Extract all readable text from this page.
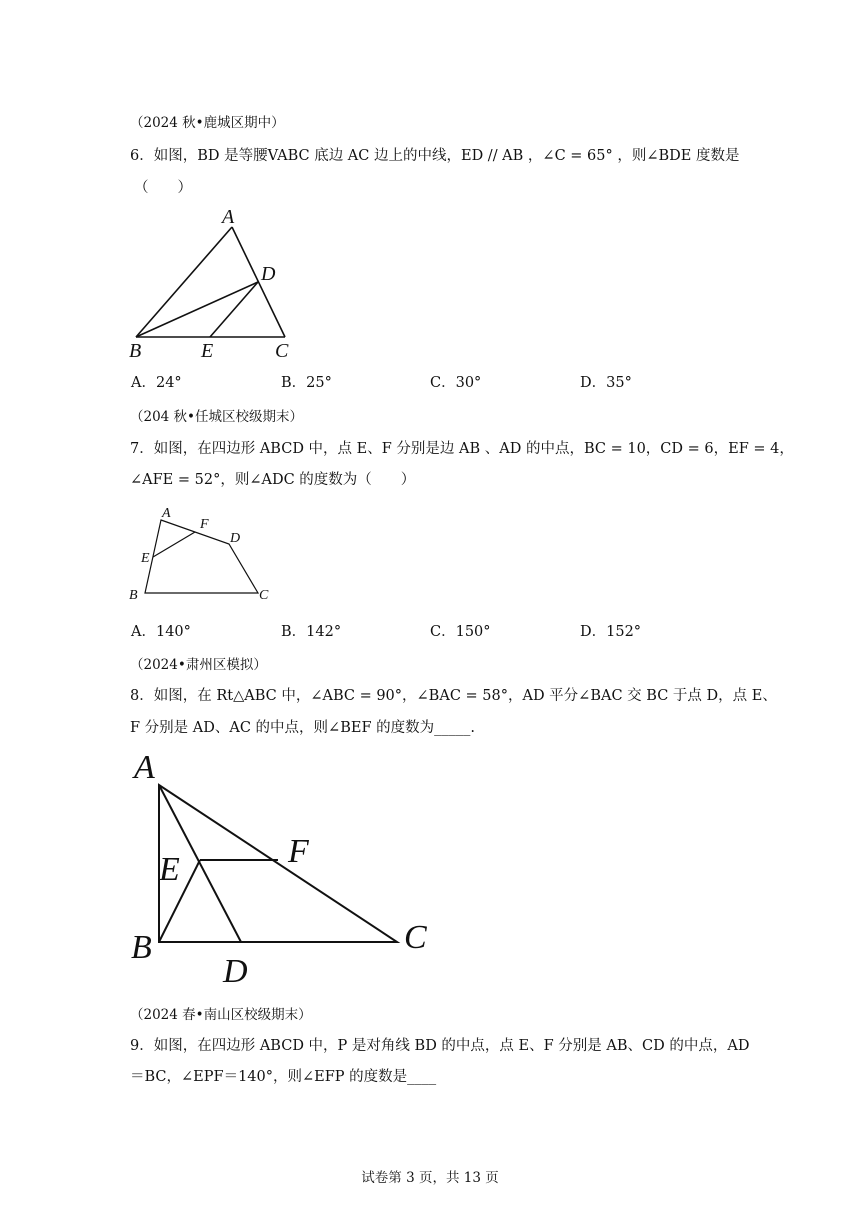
（2024 秋•鹿城区期中）
6．如图，BD 是等腰VABC 底边 AC 边上的中线，ED // AB ，∠C = 65° ，则∠BDE 度数是
（　　）
A
D
B	E	C
A
F
D
E
B	C
A
F
E
C
B
D
A．24°	B．25°	C．30°	D．35°
（204 秋•任城区校级期末）
7．如图，在四边形 ABCD 中，点 E、F 分别是边 AB 、AD 的中点，BC = 10，CD = 6，EF = 4，
∠AFE = 52°，则∠ADC 的度数为（　　）
A．140°	B．142°	C．150°	D．152°
（2024•肃州区模拟）
8．如图，在 Rt△ABC 中，∠ABC = 90°，∠BAC = 58°，AD 平分∠BAC 交 BC 于点 D，点 E、
F 分别是 AD、AC 的中点，则∠BEF 的度数为_____.
（2024 春•南山区校级期末）
9．如图，在四边形 ABCD 中，P 是对角线 BD 的中点，点 E、F 分别是 AB、CD 的中点，AD
＝BC，∠EPF＝140°，则∠EFP 的度数是____
试卷第 3 页，共 13 页
